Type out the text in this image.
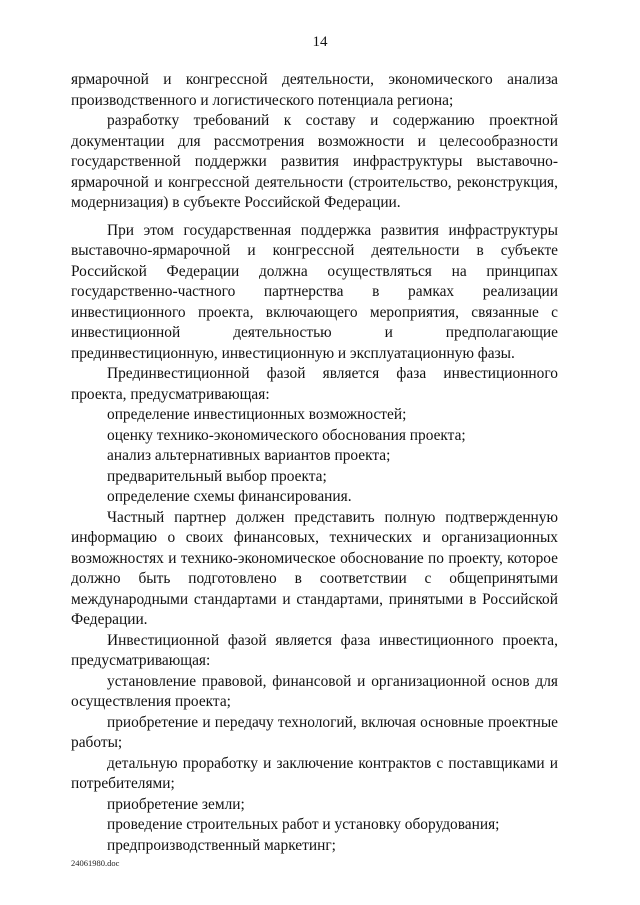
14

ярмарочной и конгрессной деятельности, экономического анализа производственного и логистического потенциала региона;

разработку требований к составу и содержанию проектной документации для рассмотрения возможности и целесообразности государственной поддержки развития инфраструктуры выставочно-ярмарочной и конгрессной деятельности (строительство, реконструкция, модернизация) в субъекте Российской Федерации.

При этом государственная поддержка развития инфраструктуры выставочно-ярмарочной и конгрессной деятельности в субъекте Российской Федерации должна осуществляться на принципах государственно-частного партнерства в рамках реализации инвестиционного проекта, включающего мероприятия, связанные с инвестиционной деятельностью и предполагающие прединвестиционную, инвестиционную и эксплуатационную фазы.

Прединвестиционной фазой является фаза инвестиционного проекта, предусматривающая:

определение инвестиционных возможностей;

оценку технико-экономического обоснования проекта;

анализ альтернативных вариантов проекта;

предварительный выбор проекта;

определение схемы финансирования.

Частный партнер должен представить полную подтвержденную информацию о своих финансовых, технических и организационных возможностях и технико-экономическое обоснование по проекту, которое должно быть подготовлено в соответствии с общепринятыми международными стандартами и стандартами, принятыми в Российской Федерации.

Инвестиционной фазой является фаза инвестиционного проекта, предусматривающая:

установление правовой, финансовой и организационной основ для осуществления проекта;

приобретение и передачу технологий, включая основные проектные работы;

детальную проработку и заключение контрактов с поставщиками и потребителями;

приобретение земли;

проведение строительных работ и установку оборудования;

предпроизводственный маркетинг;

24061980.doc
